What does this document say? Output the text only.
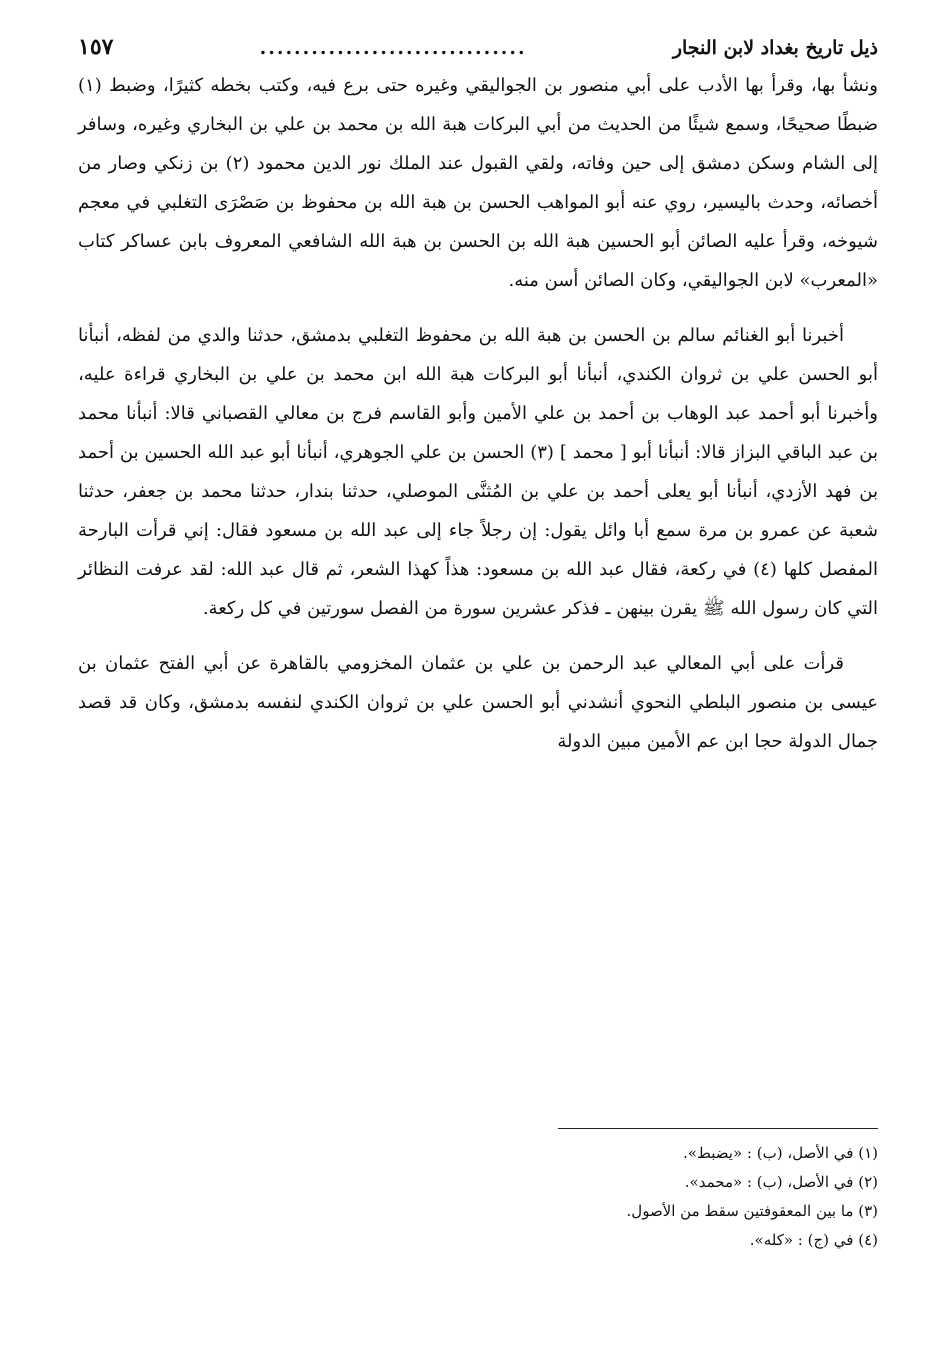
ذيل تاريخ بغداد لابن النجار
...............................
١٥٧

ونشأ بها، وقرأ بها الأدب على أبي منصور بن الجواليقي وغيره حتى برع فيه، وكتب بخطه كثيرًا، وضبط (١) ضبطًا صحيحًا، وسمع شيئًا من الحديث من أبي البركات هبة الله بن محمد بن علي بن البخاري وغيره، وسافر إلى الشام وسكن دمشق إلى حين وفاته، ولقي القبول عند الملك نور الدين محمود (٢) بن زنكي وصار من أخصائه، وحدث باليسير، روي عنه أبو المواهب الحسن بن هبة الله بن محفوظ بن صَصْرَى التغلبي في معجم شيوخه، وقرأ عليه الصائن أبو الحسين هبة الله بن الحسن بن هبة الله الشافعي المعروف بابن عساكر كتاب «المعرب» لابن الجواليقي، وكان الصائن أسن منه.

أخبرنا أبو الغنائم سالم بن الحسن بن هبة الله بن محفوظ التغلبي بدمشق، حدثنا والدي من لفظه، أنبأنا أبو الحسن علي بن ثروان الكندي، أنبأنا أبو البركات هبة الله ابن محمد بن علي بن البخاري قراءة عليه، وأخبرنا أبو أحمد عبد الوهاب بن أحمد بن علي الأمين وأبو القاسم فرج بن معالي القصباني قالا: أنبأنا محمد بن عبد الباقي البزاز قالا: أنبأنا أبو [ محمد ] (٣) الحسن بن علي الجوهري، أنبأنا أبو عبد الله الحسين بن أحمد بن فهد الأزدي، أنبأنا أبو يعلى أحمد بن علي بن المُثنَّى الموصلي، حدثنا بندار، حدثنا محمد بن جعفر، حدثنا شعبة عن عمرو بن مرة سمع أبا وائل يقول: إن رجلاً جاء إلى عبد الله بن مسعود فقال: إني قرأت البارحة المفصل كلها (٤) في ركعة، فقال عبد الله بن مسعود: هذاً كهذا الشعر، ثم قال عبد الله: لقد عرفت النظائر التي كان رسول الله ﷺ يقرن بينهن ـ فذكر عشرين سورة من الفصل سورتين في كل ركعة.

قرأت على أبي المعالي عبد الرحمن بن علي بن عثمان المخزومي بالقاهرة عن أبي الفتح عثمان بن عيسى بن منصور البلطي النحوي أنشدني أبو الحسن علي بن ثروان الكندي لنفسه بدمشق، وكان قد قصد جمال الدولة حجا ابن عم الأمين مبين الدولة

(١) في الأصل، (ب) : «يضبط».

(٢) في الأصل، (ب) : «محمد».

(٣) ما بين المعقوفتين سقط من الأصول.

(٤) في (ج) : «كله».
